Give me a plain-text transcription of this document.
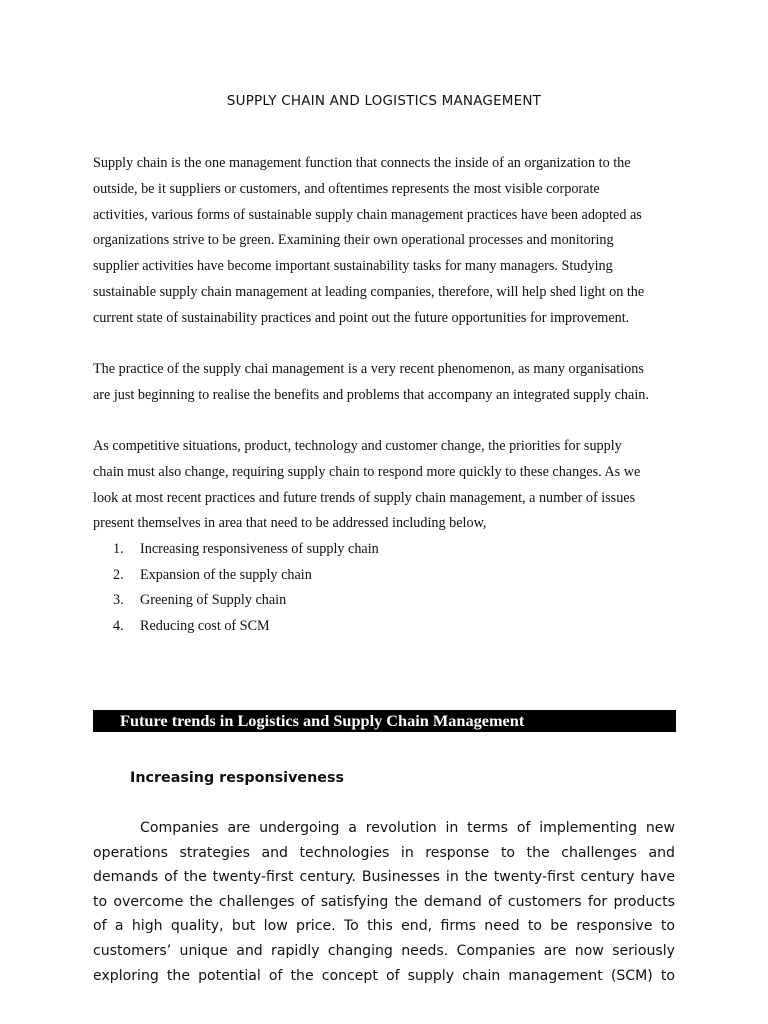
SUPPLY CHAIN AND LOGISTICS MANAGEMENT
Supply chain is the one management function that connects the inside of an organization to the
outside, be it suppliers or customers, and oftentimes represents the most visible corporate
activities, various forms of sustainable supply chain management practices have been adopted as
organizations strive to be green. Examining their own operational processes and monitoring
supplier activities have become important sustainability tasks for many managers. Studying
sustainable supply chain management at leading companies, therefore, will help shed light on the
current state of sustainability practices and point out the future opportunities for improvement.
The practice of the supply chai management is a very recent phenomenon, as many organisations
are just beginning to realise the benefits and problems that accompany an integrated supply chain.
As competitive situations, product, technology and customer change, the priorities for supply
chain must also change, requiring supply chain to respond more quickly to these changes. As we
look at most recent practices and future trends of supply chain management, a number of issues
present themselves in area that need to be addressed including below,
1.	Increasing responsiveness of supply chain
2.	Expansion of the supply chain
3.	Greening of Supply chain
4.	Reducing cost of SCM
Future trends in Logistics and Supply Chain Management
Increasing responsiveness
Companies are undergoing a revolution in terms of implementing new
operations strategies and technologies in response to the challenges and
demands of the twenty-first century. Businesses in the twenty-first century have
to overcome the challenges of satisfying the demand of customers for products
of a high quality, but low price. To this end, firms need to be responsive to
customers’ unique and rapidly changing needs. Companies are now seriously
exploring the potential of the concept of supply chain management (SCM) to
